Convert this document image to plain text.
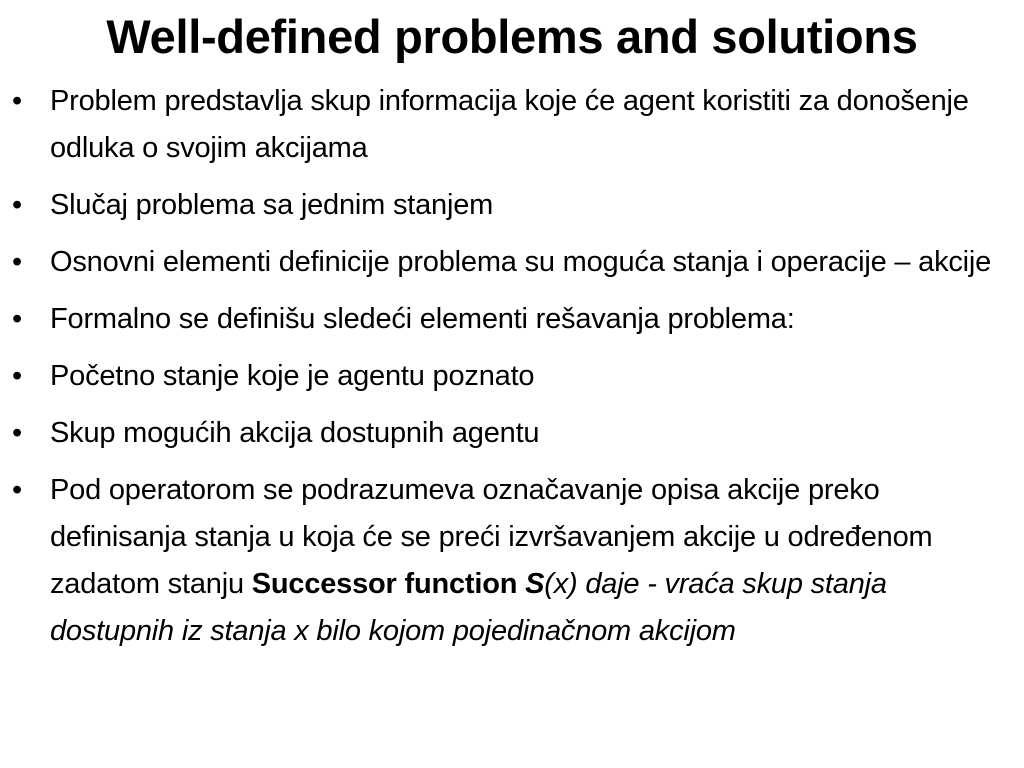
Well-defined problems and solutions
• Problem predstavlja skup informacija koje će agent koristiti za donošenje odluka o svojim akcijama
• Slučaj problema sa jednim stanjem
• Osnovni elementi definicije problema su moguća stanja i operacije – akcije
• Formalno se definišu sledeći elementi rešavanja problema:
• Početno stanje koje je agentu poznato
• Skup mogućih akcija dostupnih agentu
• Pod operatorom se podrazumeva označavanje opisa akcije preko definisanja stanja u koja će se preći izvršavanjem akcije u određenom zadatom stanju Successor function S(x) daje - vraća skup stanja dostupnih iz stanja x bilo kojom pojedinačnom akcijom
